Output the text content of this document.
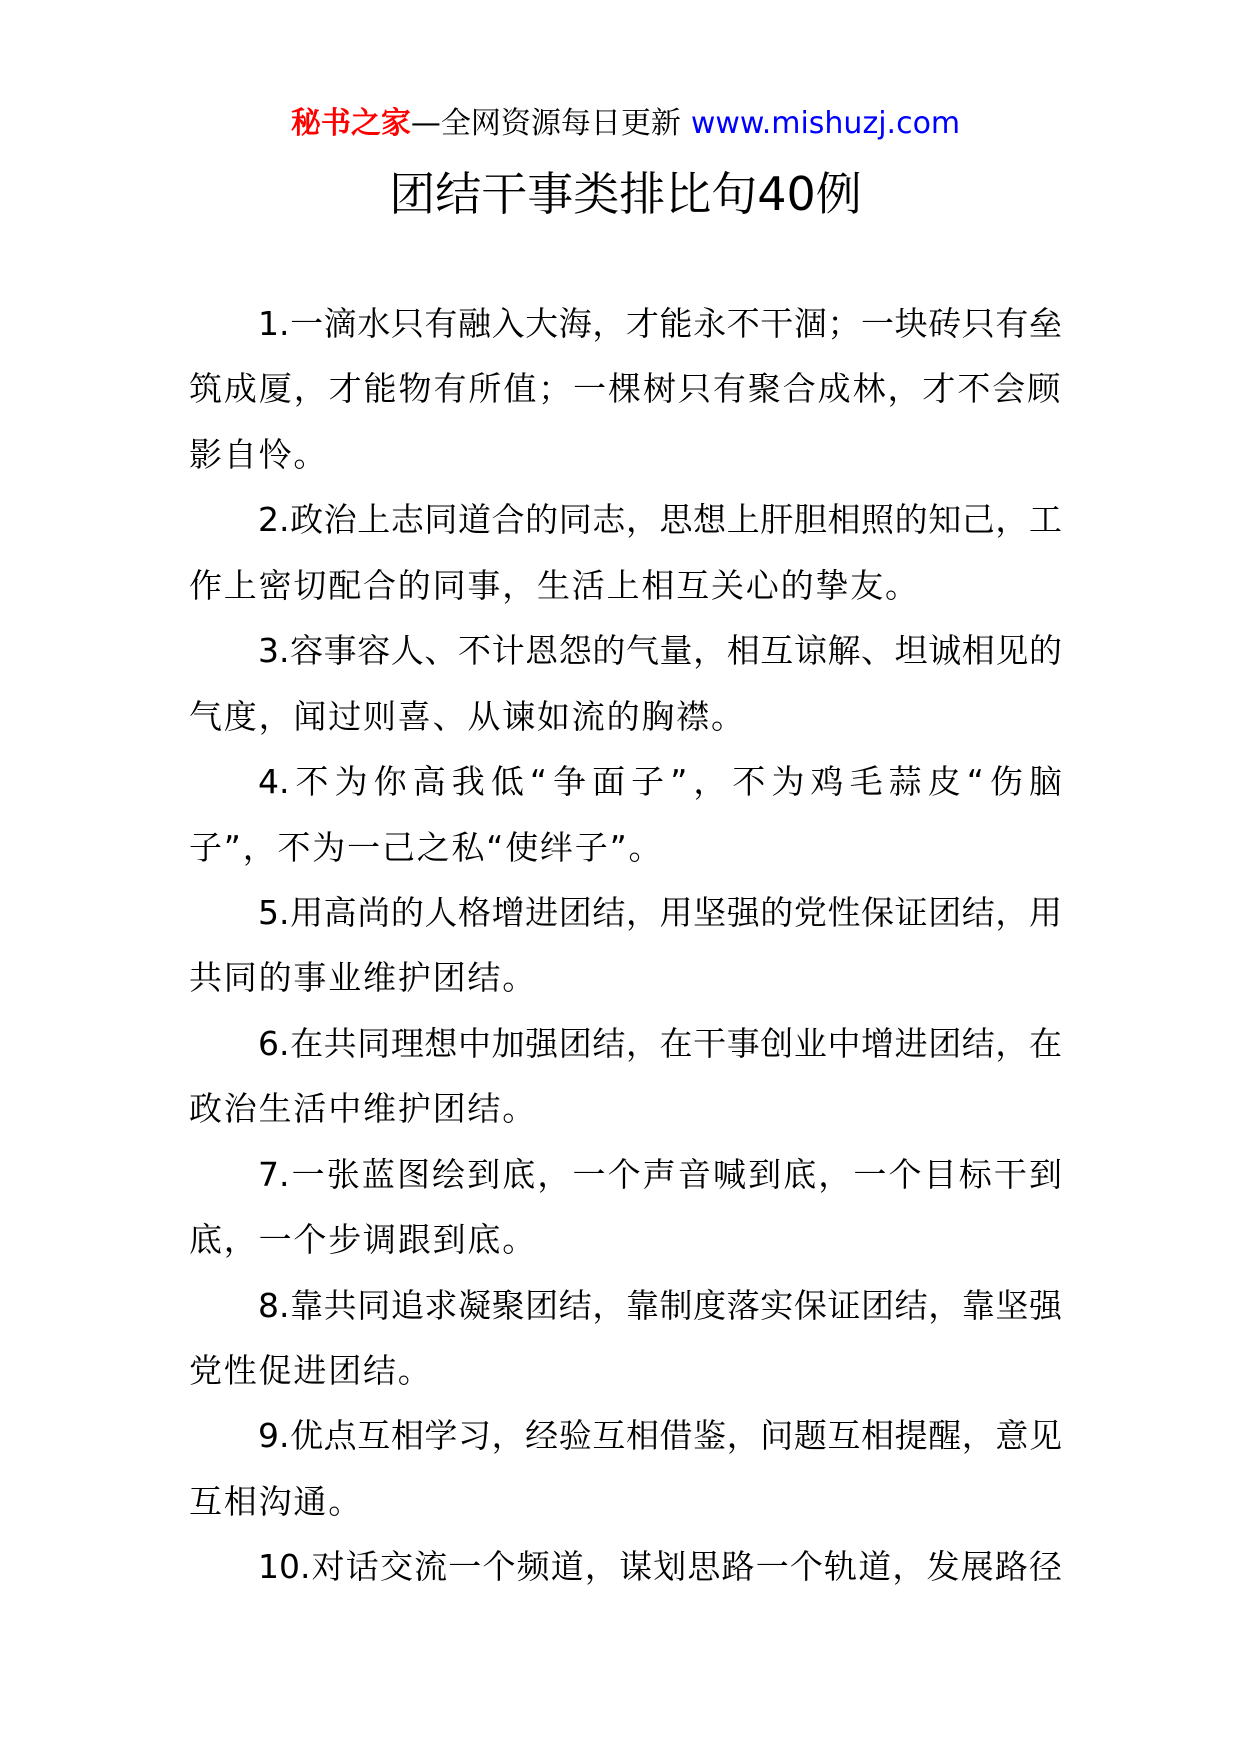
秘书之家—全网资源每日更新 www.mishuzj.com
团结干事类排比句40例
1.一滴水只有融入大海，才能永不干涸；一块砖只有垒
筑成厦，才能物有所值；一棵树只有聚合成林，才不会顾
影自怜。
2.政治上志同道合的同志，思想上肝胆相照的知己，工
作上密切配合的同事，生活上相互关心的挚友。
3.容事容人、不计恩怨的气量，相互谅解、坦诚相见的
气度，闻过则喜、从谏如流的胸襟。
4.不为你高我低“争面子”，不为鸡毛蒜皮“伤脑
子”，不为一己之私“使绊子”。
5.用高尚的人格增进团结，用坚强的党性保证团结，用
共同的事业维护团结。
6.在共同理想中加强团结，在干事创业中增进团结，在
政治生活中维护团结。
7.一张蓝图绘到底，一个声音喊到底，一个目标干到
底，一个步调跟到底。
8.靠共同追求凝聚团结，靠制度落实保证团结，靠坚强
党性促进团结。
9.优点互相学习，经验互相借鉴，问题互相提醒，意见
互相沟通。
10.对话交流一个频道，谋划思路一个轨道，发展路径
